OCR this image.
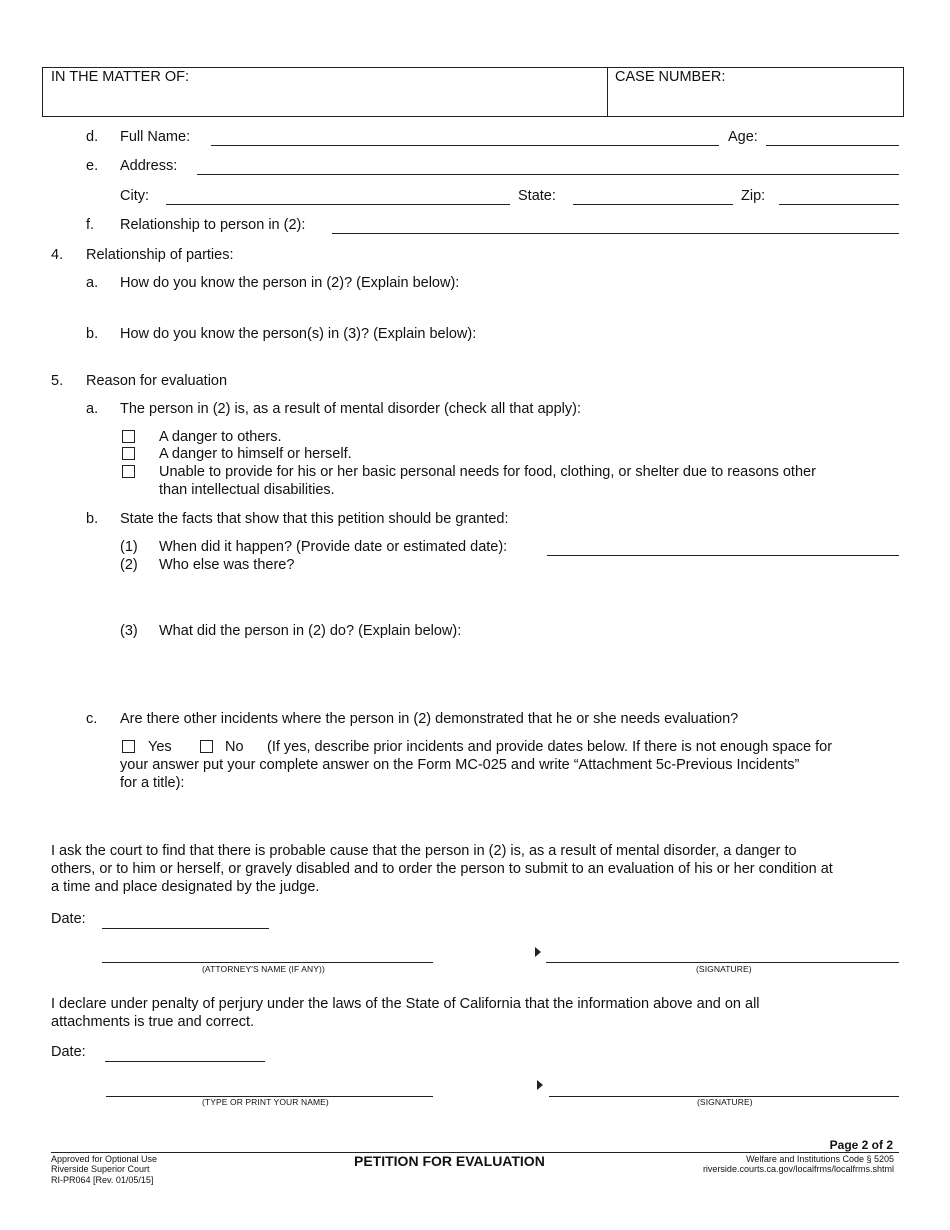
IN THE MATTER OF:	CASE NUMBER:
d. Full Name:	Age:
e. Address:
City:	State:	Zip:
f. Relationship to person in (2):
4. Relationship of parties:
a. How do you know the person in (2)? (Explain below):
b. How do you know the person(s) in (3)? (Explain below):
5. Reason for evaluation
a. The person in (2) is, as a result of mental disorder (check all that apply):
A danger to others.
A danger to himself or herself.
Unable to provide for his or her basic personal needs for food, clothing, or shelter due to reasons other
than intellectual disabilities.
b. State the facts that show that this petition should be granted:
(1) When did it happen? (Provide date or estimated date):
(2) Who else was there?
(3) What did the person in (2) do? (Explain below):
c. Are there other incidents where the person in (2) demonstrated that he or she needs evaluation?
Yes	No (If yes, describe prior incidents and provide dates below. If there is not enough space for
your answer put your complete answer on the Form MC-025 and write “Attachment 5c-Previous Incidents”
for a title):
I ask the court to find that there is probable cause that the person in (2) is, as a result of mental disorder, a danger to
others, or to him or herself, or gravely disabled and to order the person to submit to an evaluation of his or her condition at
a time and place designated by the judge.
Date:
(ATTORNEY'S NAME (IF ANY))	(SIGNATURE)
I declare under penalty of perjury under the laws of the State of California that the information above and on all
attachments is true and correct.
Date:
(TYPE OR PRINT YOUR NAME)	(SIGNATURE)
Page 2 of 2
Approved for Optional Use
Riverside Superior Court
RI-PR064 [Rev. 01/05/15]
PETITION FOR EVALUATION	Welfare and Institutions Code § 5205
riverside.courts.ca.gov/localfrms/localfrms.shtml
